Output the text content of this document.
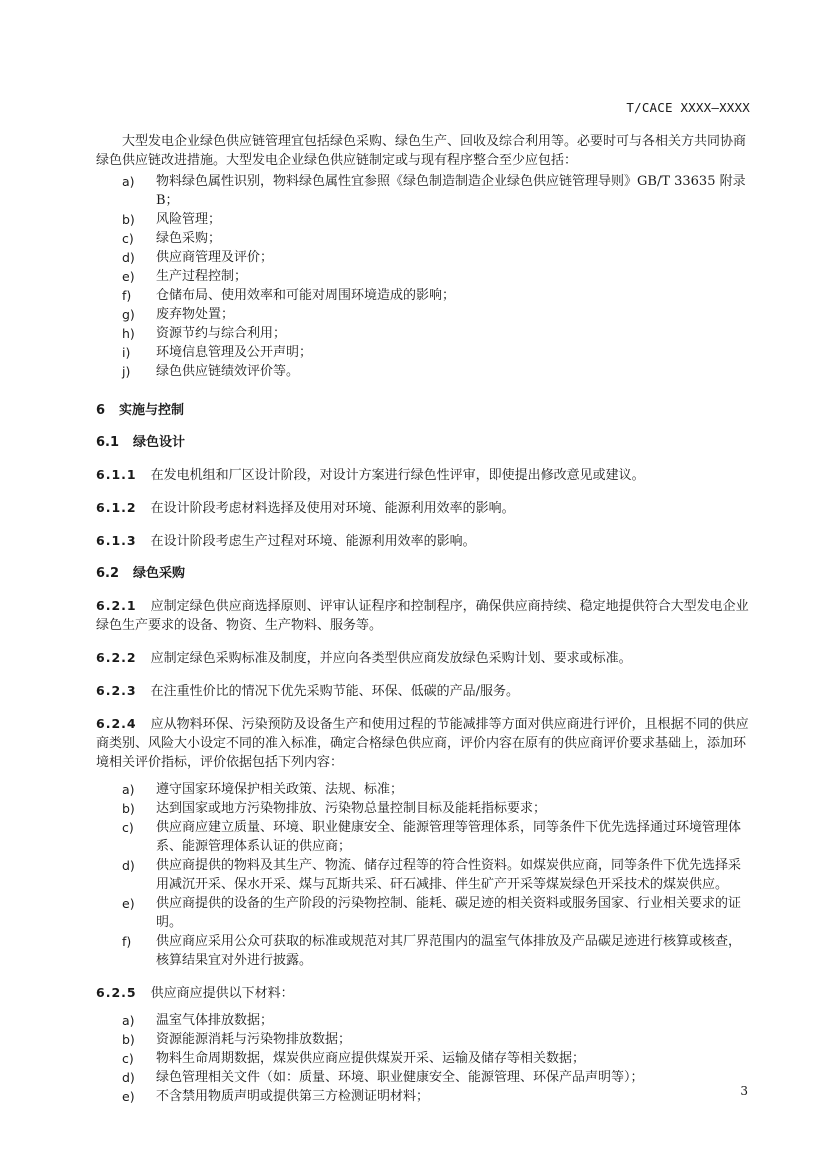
T/CACE XXXX—XXXX

大型发电企业绿色供应链管理宜包括绿色采购、绿色生产、回收及综合利用等。必要时可与各相关方共同协商绿色供应链改进措施。大型发电企业绿色供应链制定或与现有程序整合至少应包括：

a)	物料绿色属性识别，物料绿色属性宜参照《绿色制造制造企业绿色供应链管理导则》GB/T 33635 附录 B；
b)	风险管理；
c)	绿色采购；
d)	供应商管理及评价；
e)	生产过程控制；
f)	仓储布局、使用效率和可能对周围环境造成的影响；
g)	废弃物处置；
h)	资源节约与综合利用；
i)	环境信息管理及公开声明；
j)	绿色供应链绩效评价等。
6 实施与控制
6.1 绿色设计
6.1.1 在发电机组和厂区设计阶段，对设计方案进行绿色性评审，即使提出修改意见或建议。
6.1.2 在设计阶段考虑材料选择及使用对环境、能源利用效率的影响。
6.1.3 在设计阶段考虑生产过程对环境、能源利用效率的影响。
6.2 绿色采购
6.2.1 应制定绿色供应商选择原则、评审认证程序和控制程序，确保供应商持续、稳定地提供符合大型发电企业绿色生产要求的设备、物资、生产物料、服务等。
6.2.2 应制定绿色采购标准及制度，并应向各类型供应商发放绿色采购计划、要求或标准。
6.2.3 在注重性价比的情况下优先采购节能、环保、低碳的产品/服务。
6.2.4 应从物料环保、污染预防及设备生产和使用过程的节能减排等方面对供应商进行评价，且根据不同的供应商类别、风险大小设定不同的准入标准，确定合格绿色供应商，评价内容在原有的供应商评价要求基础上，添加环境相关评价指标，评价依据包括下列内容：
a)	遵守国家环境保护相关政策、法规、标准；
b)	达到国家或地方污染物排放、污染物总量控制目标及能耗指标要求；
c)	供应商应建立质量、环境、职业健康安全、能源管理等管理体系，同等条件下优先选择通过环境管理体系、能源管理体系认证的供应商；
d)	供应商提供的物料及其生产、物流、储存过程等的符合性资料。如煤炭供应商，同等条件下优先选择采用减沉开采、保水开采、煤与瓦斯共采、矸石减排、伴生矿产开采等煤炭绿色开采技术的煤炭供应。
e)	供应商提供的设备的生产阶段的污染物控制、能耗、碳足迹的相关资料或服务国家、行业相关要求的证明。
f)	供应商应采用公众可获取的标准或规范对其厂界范围内的温室气体排放及产品碳足迹进行核算或核查，核算结果宜对外进行披露。
6.2.5 供应商应提供以下材料：
a)	温室气体排放数据；
b)	资源能源消耗与污染物排放数据；
c)	物料生命周期数据，煤炭供应商应提供煤炭开采、运输及储存等相关数据；
d)	绿色管理相关文件（如：质量、环境、职业健康安全、能源管理、环保产品声明等）；
e)	不含禁用物质声明或提供第三方检测证明材料；	3
